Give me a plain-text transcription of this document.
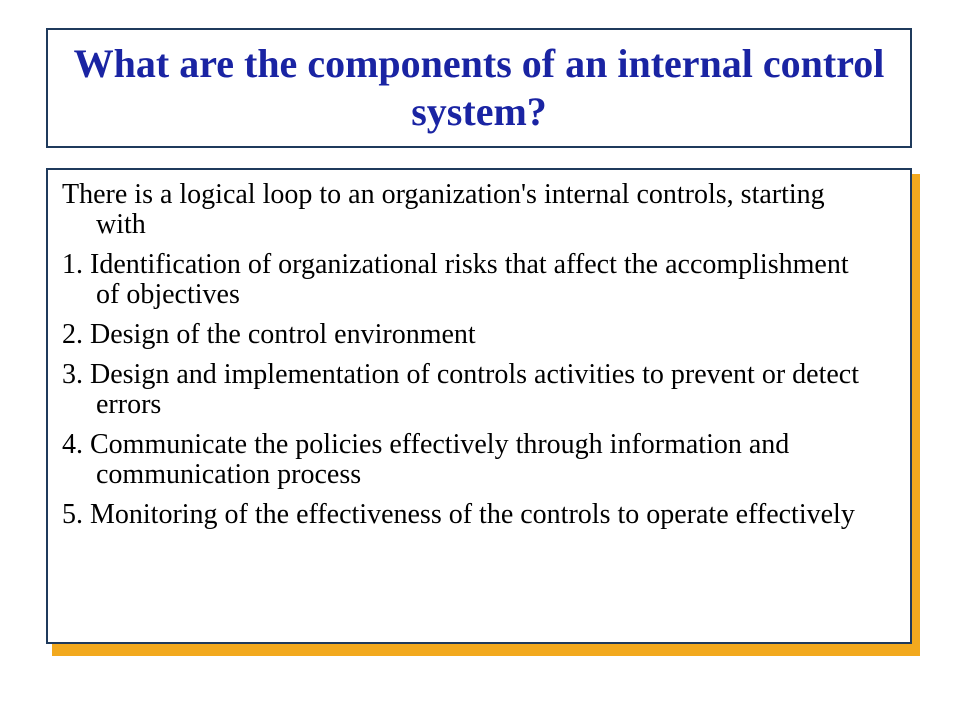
What are the components of an internal control system?

There is a logical loop to an organization's internal controls, starting with

1. Identification of organizational risks that affect the accomplishment of objectives

2. Design of the control environment

3. Design and implementation of controls activities to prevent or detect errors

4. Communicate the policies effectively through information and communication process

5. Monitoring of the effectiveness of the controls to operate effectively
